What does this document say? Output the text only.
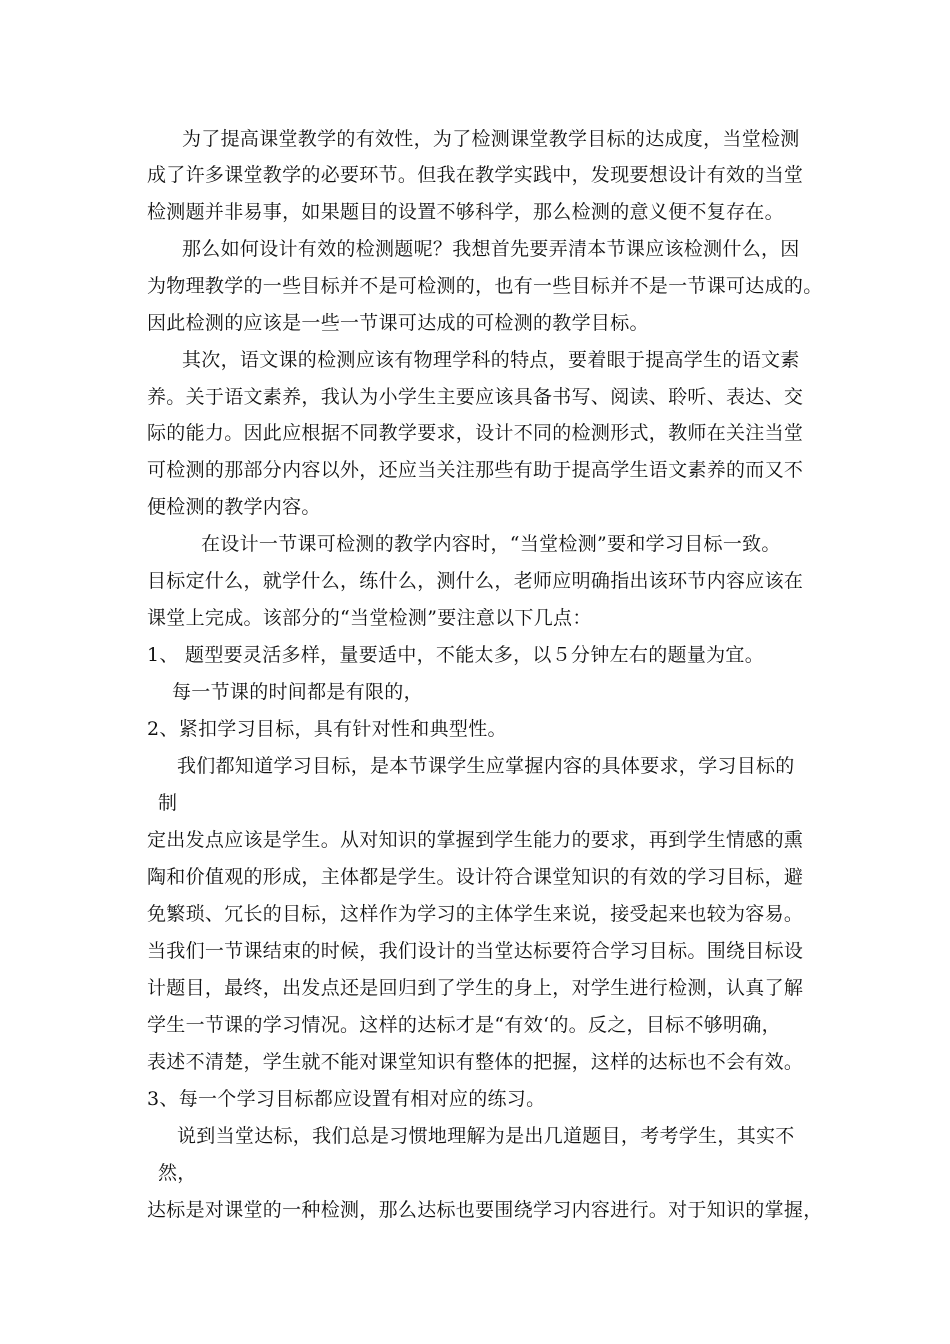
为了提高课堂教学的有效性，为了检测课堂教学目标的达成度，当堂检测
成了许多课堂教学的必要环节。但我在教学实践中，发现要想设计有效的当堂
检测题并非易事，如果题目的设置不够科学，那么检测的意义便不复存在。
那么如何设计有效的检测题呢？我想首先要弄清本节课应该检测什么，因
为物理教学的一些目标并不是可检测的，也有一些目标并不是一节课可达成的。
因此检测的应该是一些一节课可达成的可检测的教学目标。
其次，语文课的检测应该有物理学科的特点，要着眼于提高学生的语文素
养。关于语文素养，我认为小学生主要应该具备书写、阅读、聆听、表达、交
际的能力。因此应根据不同教学要求，设计不同的检测形式，教师在关注当堂
可检测的那部分内容以外，还应当关注那些有助于提高学生语文素养的而又不
便检测的教学内容。
在设计一节课可检测的教学内容时，“当堂检测”要和学习目标一致。
目标定什么，就学什么，练什么，测什么，老师应明确指出该环节内容应该在
课堂上完成。该部分的“当堂检测”要注意以下几点：
1、 题型要灵活多样，量要适中，不能太多，以５分钟左右的题量为宜。
每一节课的时间都是有限的，
2、紧扣学习目标，具有针对性和典型性。
我们都知道学习目标，是本节课学生应掌握内容的具体要求，学习目标的
制
定出发点应该是学生。从对知识的掌握到学生能力的要求，再到学生情感的熏
陶和价值观的形成，主体都是学生。设计符合课堂知识的有效的学习目标，避
免繁琐、冗长的目标，这样作为学习的主体学生来说，接受起来也较为容易。
当我们一节课结束的时候，我们设计的当堂达标要符合学习目标。围绕目标设
计题目，最终，出发点还是回归到了学生的身上，对学生进行检测，认真了解
学生一节课的学习情况。这样的达标才是“有效‘的。反之，目标不够明确，
表述不清楚，学生就不能对课堂知识有整体的把握，这样的达标也不会有效。
3、每一个学习目标都应设置有相对应的练习。
说到当堂达标，我们总是习惯地理解为是出几道题目，考考学生，其实不
然，
达标是对课堂的一种检测，那么达标也要围绕学习内容进行。对于知识的掌握，
